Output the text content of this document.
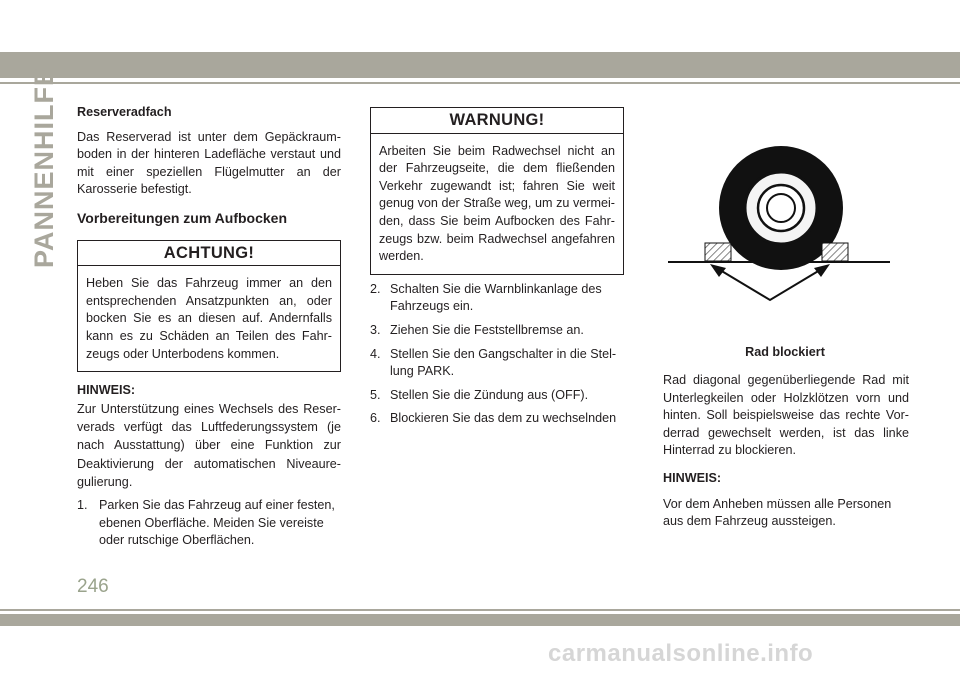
PANNENHILFE Reserveradfach

Das Reserverad ist unter dem Gepäckraum-boden in der hinteren Ladefläche verstaut und mit einer speziellen Flügelmutter an der Karosserie befestigt.

Vorbereitungen zum Aufbocken

ACHTUNG!
Heben Sie das Fahrzeug immer an den entsprechenden Ansatzpunkten an, oder bocken Sie es an diesen auf. Andernfalls kann es zu Schäden an Teilen des Fahr-zeugs oder Unterbodens kommen.

HINWEIS:

Zur Unterstützung eines Wechsels des Reser-verads verfügt das Luftfederungssystem (je nach Ausstattung) über eine Funktion zur Deaktivierung der automatischen Niveaure-gulierung.

1. Parken Sie das Fahrzeug auf einer festen, ebenen Oberfläche. Meiden Sie vereiste oder rutschige Oberflächen.
WARNUNG!
Arbeiten Sie beim Radwechsel nicht an der Fahrzeugseite, die dem fließenden Verkehr zugewandt ist; fahren Sie weit genug von der Straße weg, um zu vermei-den, dass Sie beim Aufbocken des Fahr-zeugs bzw. beim Radwechsel angefahren werden.
2. Schalten Sie die Warnblinkanlage des Fahrzeugs ein.
3. Ziehen Sie die Feststellbremse an.
4. Stellen Sie den Gangschalter in die Stel-lung PARK.
5. Stellen Sie die Zündung aus (OFF).
6. Blockieren Sie das dem zu wechselnden
Rad blockiert

Rad diagonal gegenüberliegende Rad mit Unterlegkeilen oder Holzklötzen vorn und hinten. Soll beispielsweise das rechte Vor-derrad gewechselt werden, ist das linke Hinterrad zu blockieren.

HINWEIS:

Vor dem Anheben müssen alle Personen aus dem Fahrzeug aussteigen.

246
carmanualsonline.info
